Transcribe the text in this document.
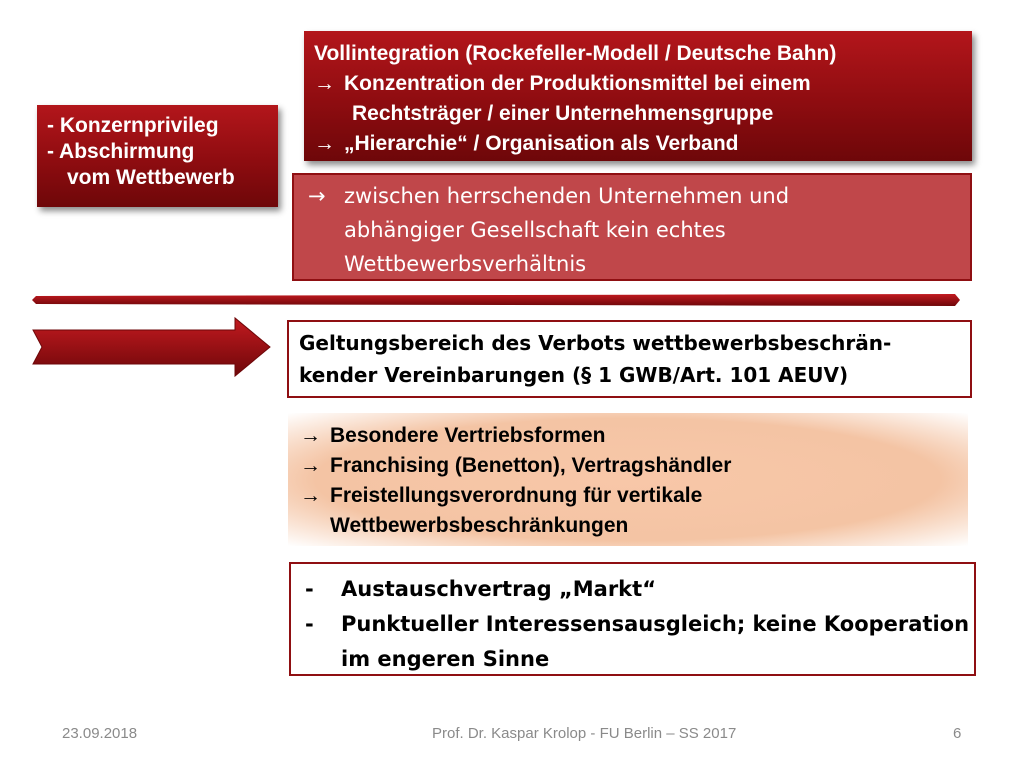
Vollintegration (Rockefeller-Modell / Deutsche Bahn)
→ Konzentration der Produktionsmittel bei einem
Rechtsträger / einer Unternehmensgruppe
→ „Hierarchie“ / Organisation als Verband
- Konzernprivileg
- Abschirmung
vom Wettbewerb
→ zwischen herrschenden Unternehmen und
abhängiger Gesellschaft kein echtes
Wettbewerbsverhältnis
Geltungsbereich des Verbots wettbewerbsbeschrän-
kender Vereinbarungen (§ 1 GWB/Art. 101 AEUV)
→ Besondere Vertriebsformen
→ Franchising (Benetton), Vertragshändler
→ Freistellungsverordnung für vertikale
Wettbewerbsbeschränkungen
- Austauschvertrag „Markt“
- Punktueller Interessensausgleich; keine Kooperation
im engeren Sinne
23.09.2018	Prof. Dr. Kaspar Krolop - FU Berlin – SS 2017	6
